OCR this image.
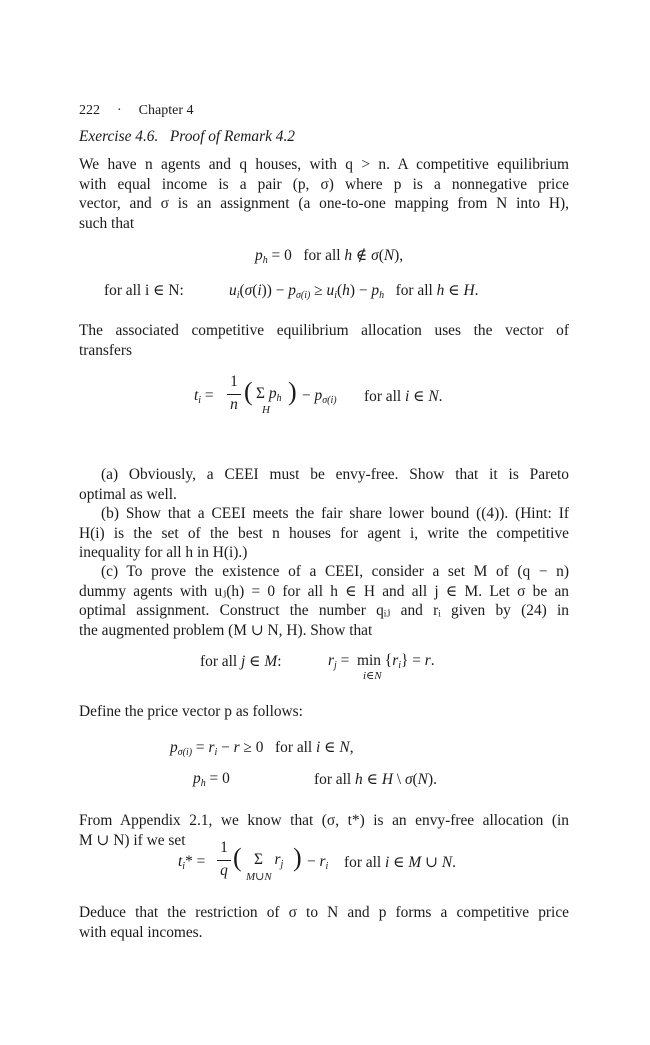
222 · Chapter 4
Exercise 4.6.   Proof of Remark 4.2
We have n agents and q houses, with q > n. A competitive equilibrium
with equal income is a pair (p, σ) where p is a nonnegative price
vector, and σ is an assignment (a one-to-one mapping from N into H),
such that
$p_h = 0$   for all h ∉ σ(N),
for all i ∈ N:	$u_i(\sigma(i)) - p_{\sigma(i)} \ge u_i(h) - p_h$   for all h ∈ H.
The associated competitive equilibrium allocation uses the vector of
transfers
$t_i$ =
1
n ( Σ $p_h$
H
) − $p_{\sigma(i)}$ for all i ∈ N.
(a) Obviously, a CEEI must be envy-free. Show that it is Pareto
optimal as well.
(b) Show that a CEEI meets the fair share lower bound ((4)). (Hint: If
H(i) is the set of the best n houses for agent i, write the competitive
inequality for all h in H(i).)
(c) To prove the existence of a CEEI, consider a set M of (q − n)
dummy agents with uⱼ(h) = 0 for all h ∈ H and all j ∈ M. Let σ be an
optimal assignment. Construct the number qᵢⱼ and rᵢ given by (24) in
the augmented problem (M ∪ N, H). Show that
for all j ∈ M:	$r_j = \min \{r_i\} = r$.
i∈N
Define the price vector p as follows:
$p_{\sigma(i)} = r_i - r \ge 0$   for all i ∈ N,
$p_h = 0$	for all h ∈ H \ σ(N).
From Appendix 2.1, we know that (σ, t*) is an envy-free allocation (in
M ∪ N) if we set
$t_i*$ =
1
q ( Σ   $r_j$
M∪N
) − $r_i$ for all i ∈ M ∪ N.
Deduce that the restriction of σ to N and p forms a competitive price
with equal incomes.
